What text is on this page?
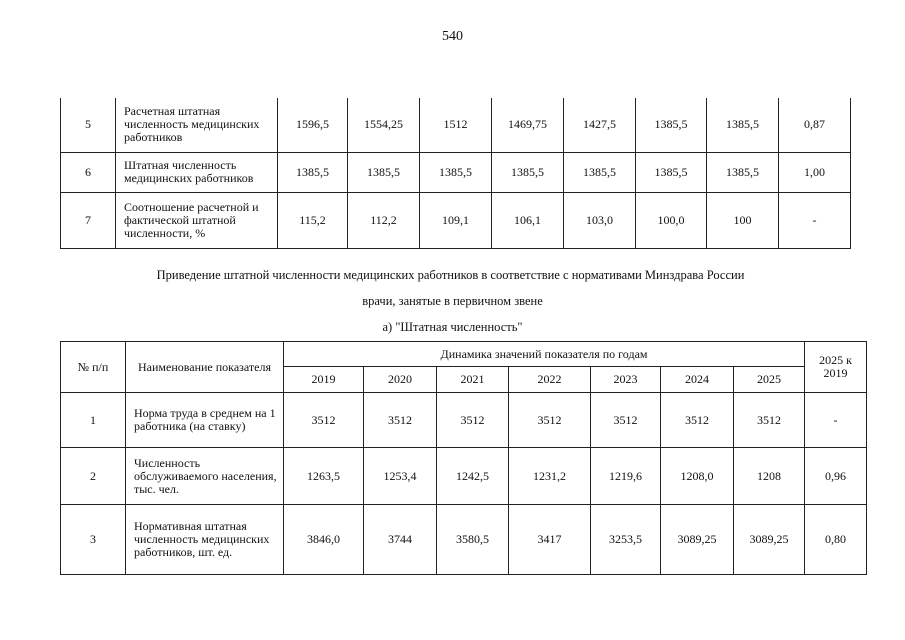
540
5	Расчетная штатная численность медицинских работников	1596,5	1554,25	1512	1469,75	1427,5	1385,5	1385,5	0,87
6	Штатная численность медицинских работников	1385,5	1385,5	1385,5	1385,5	1385,5	1385,5	1385,5	1,00
7	Соотношение расчетной и фактической штатной численности, %	115,2	112,2	109,1	106,1	103,0	100,0	100	-
Приведение штатной численности медицинских работников в соответствие с нормативами Минздрава России
врачи, занятые в первичном звене
а) "Штатная численность"
№ п/п	Наименование показателя	Динамика значений показателя по годам							2025 к 2019
		2019	2020	2021	2022	2023	2024	2025	
1	Норма труда в среднем на 1 работника (на ставку)	3512	3512	3512	3512	3512	3512	3512	-
2	Численность обслуживаемого населения, тыс. чел.	1263,5	1253,4	1242,5	1231,2	1219,6	1208,0	1208	0,96
3	Нормативная штатная численность медицинских работников, шт. ед.	3846,0	3744	3580,5	3417	3253,5	3089,25	3089,25	0,80
